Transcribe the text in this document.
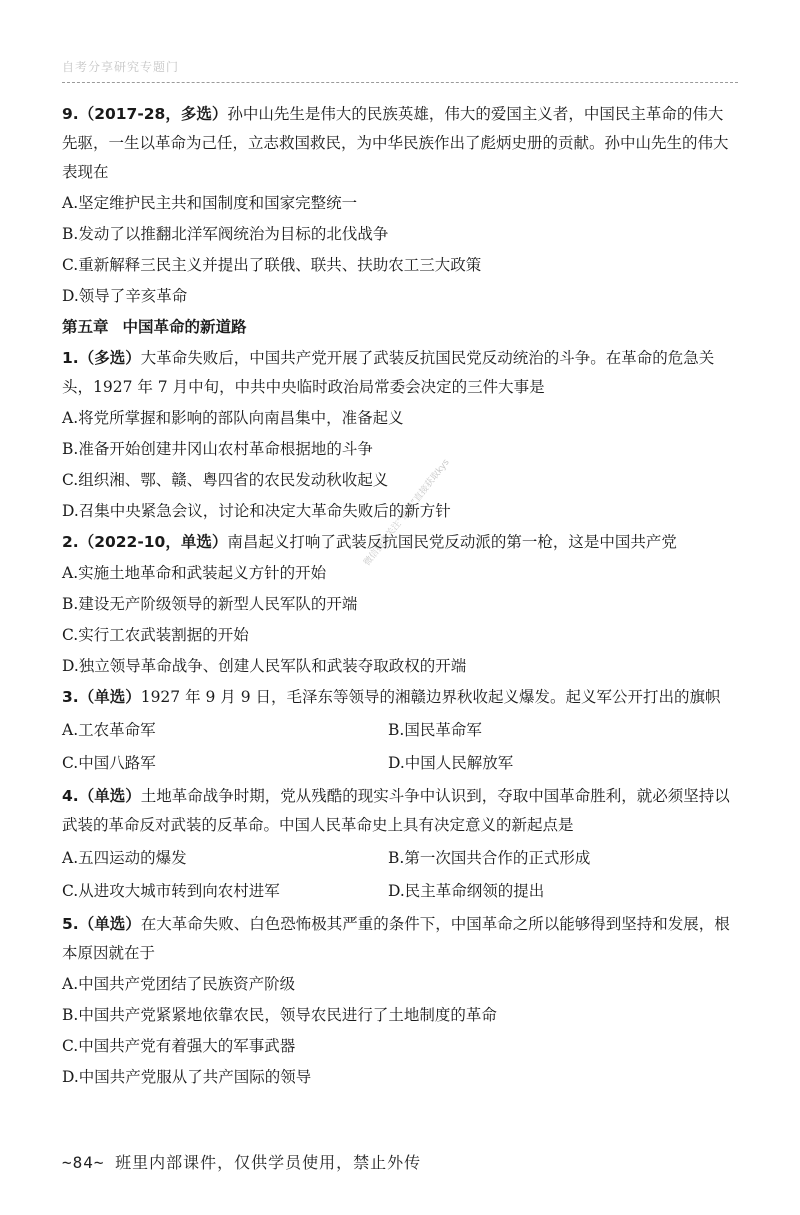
自考分享研究专题门
微信搜索关注“搜题”直接获取kys

9.（2017-28，多选）孙中山先生是伟大的民族英雄，伟大的爱国主义者，中国民主革命的伟大先驱，一生以革命为己任，立志救国救民，为中华民族作出了彪炳史册的贡献。孙中山先生的伟大表现在

A.坚定维护民主共和国制度和国家完整统一
B.发动了以推翻北洋军阀统治为目标的北伐战争
C.重新解释三民主义并提出了联俄、联共、扶助农工三大政策
D.领导了辛亥革命
第五章 中国革命的新道路

1.（多选）大革命失败后，中国共产党开展了武装反抗国民党反动统治的斗争。在革命的危急关头，1927 年 7 月中旬，中共中央临时政治局常委会决定的三件大事是

A.将党所掌握和影响的部队向南昌集中，准备起义
B.准备开始创建井冈山农村革命根据地的斗争
C.组织湘、鄂、赣、粤四省的农民发动秋收起义
D.召集中央紧急会议，讨论和决定大革命失败后的新方针

2.（2022-10，单选）南昌起义打响了武装反抗国民党反动派的第一枪，这是中国共产党

A.实施土地革命和武装起义方针的开始
B.建设无产阶级领导的新型人民军队的开端
C.实行工农武装割据的开始
D.独立领导革命战争、创建人民军队和武装夺取政权的开端

3.（单选）1927 年 9 月 9 日，毛泽东等领导的湘赣边界秋收起义爆发。起义军公开打出的旗帜

A.工农革命军	B.国民革命军
C.中国八路军	D.中国人民解放军

4.（单选）土地革命战争时期，党从残酷的现实斗争中认识到，夺取中国革命胜利，就必须坚持以武装的革命反对武装的反革命。中国人民革命史上具有决定意义的新起点是

A.五四运动的爆发	B.第一次国共合作的正式形成
C.从进攻大城市转到向农村进军	D.民主革命纲领的提出

5.（单选）在大革命失败、白色恐怖极其严重的条件下，中国革命之所以能够得到坚持和发展，根本原因就在于

A.中国共产党团结了民族资产阶级
B.中国共产党紧紧地依靠农民，领导农民进行了土地制度的革命
C.中国共产党有着强大的军事武器
D.中国共产党服从了共产国际的领导
~84~ 班里内部课件，仅供学员使用，禁止外传
